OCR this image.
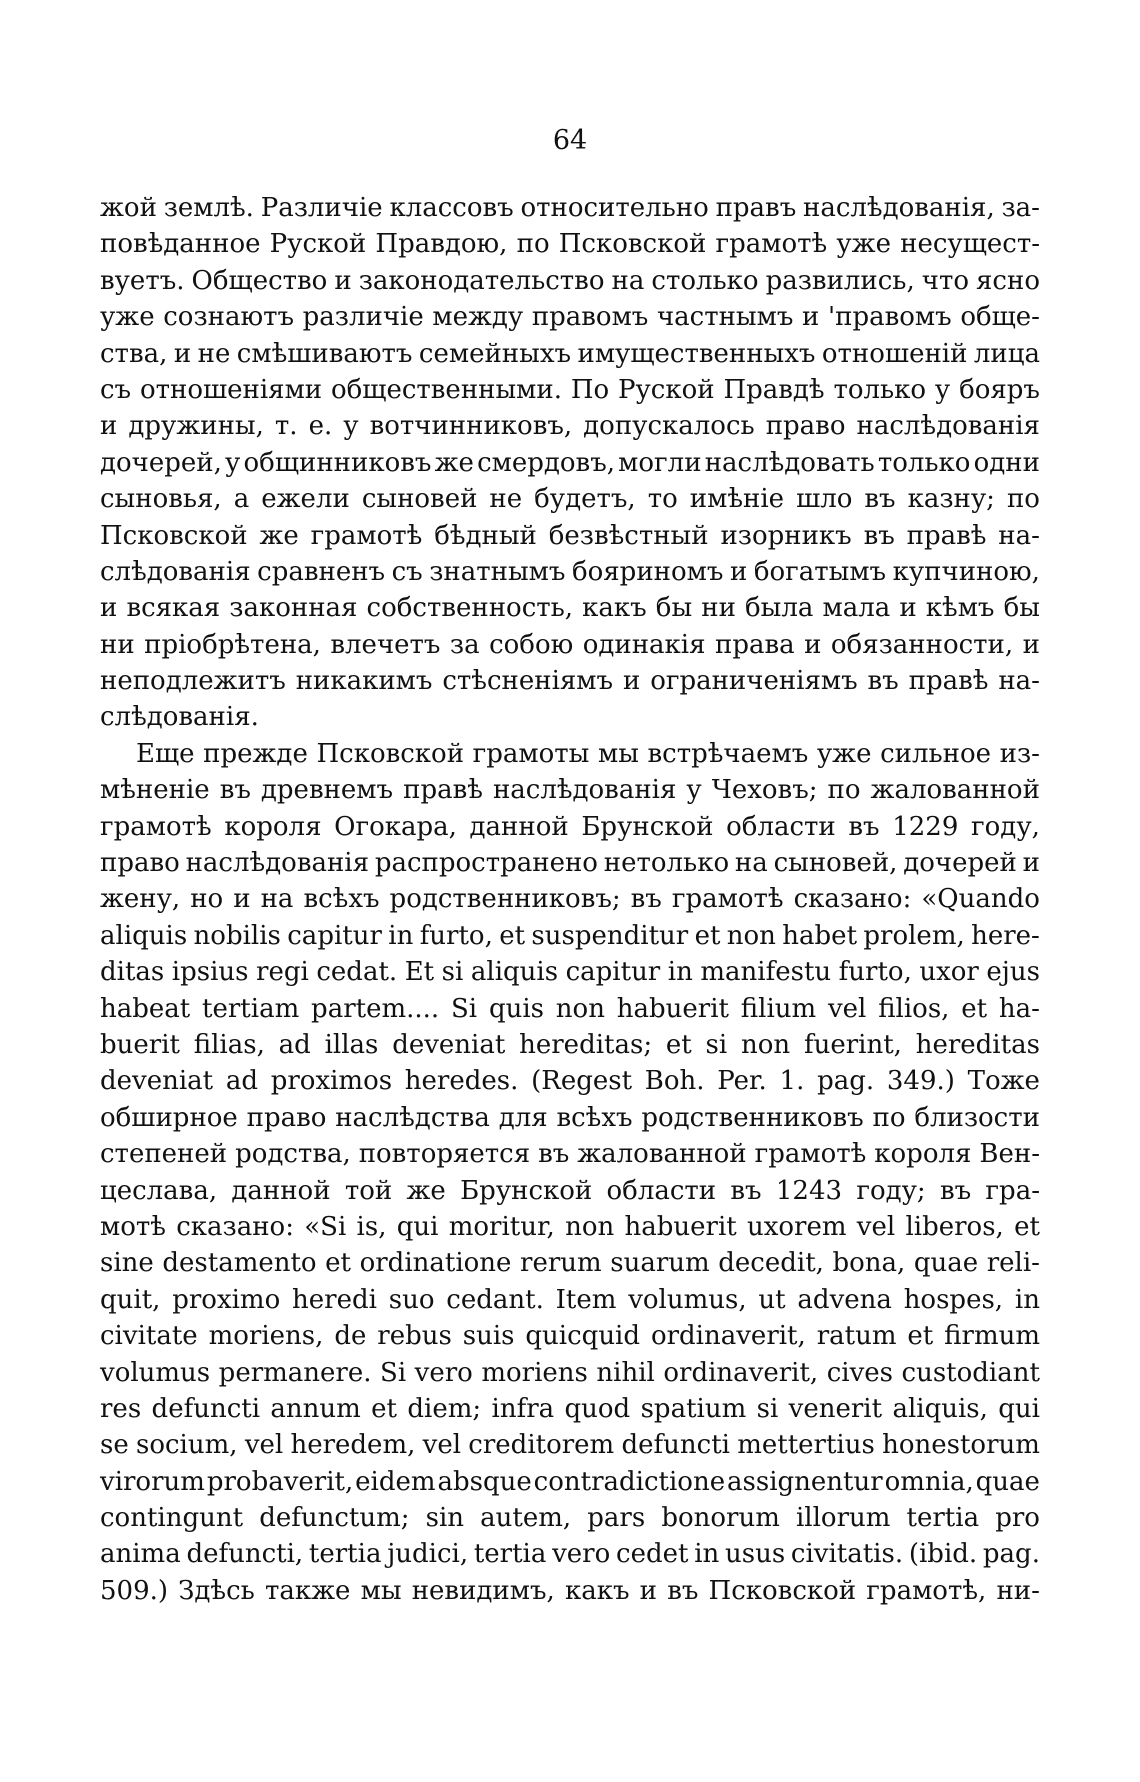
64
жой землѣ. Различіе классовъ относительно правъ наслѣдованія, за-
повѣданное Руской Правдою, по Псковской грамотѣ уже несущест-
вуетъ. Общество и законодательство на столько развились, что ясно
уже сознаютъ различіе между правомъ частнымъ и 'правомъ обще-
ства, и не смѣшиваютъ семейныхъ имущественныхъ отношеній лица
съ отношеніями общественными. По Руской Правдѣ только у бояръ
и дружины, т. е. у вотчинниковъ, допускалось право наслѣдованія
дочерей, у общинниковъ же смердовъ, могли наслѣдовать только одни
сыновья, а ежели сыновей не будетъ, то имѣніе шло въ казну; по
Псковской же грамотѣ бѣдный безвѣстный изорникъ въ правѣ на-
слѣдованія сравненъ съ знатнымъ бояриномъ и богатымъ купчиною,
и всякая законная собственность, какъ бы ни была мала и кѣмъ бы
ни пріобрѣтена, влечетъ за собою одинакія права и обязанности, и
неподлежитъ никакимъ стѣсненіямъ и ограниченіямъ въ правѣ на-
слѣдованія.
Еще прежде Псковской грамоты мы встрѣчаемъ уже сильное из-
мѣненіе въ древнемъ правѣ наслѣдованія у Чеховъ; по жалованной
грамотѣ короля Огокара, данной Брунской области въ 1229 году,
право наслѣдованія распространено нетолько на сыновей, дочерей и
жену, но и на всѣхъ родственниковъ; въ грамотѣ сказано: «Quando
aliquis nobilis capitur in furto, et suspenditur et non habet prolem, here-
ditas ipsius regi cedat. Et si aliquis capitur in manifestu furto, uxor ejus
habeat tertiam partem.... Si quis non habuerit filium vel filios, et ha-
buerit filias, ad illas deveniat hereditas; et si non fuerint, hereditas
deveniat ad proximos heredes. (Regest Boh. Per. 1. pag. 349.) Тоже
обширное право наслѣдства для всѣхъ родственниковъ по близости
степеней родства, повторяется въ жалованной грамотѣ короля Вен-
цеслава, данной той же Брунской области въ 1243 году; въ гра-
мотѣ сказано: «Si is, qui moritur, non habuerit uxorem vel liberos, et
sine destamento et ordinatione rerum suarum decedit, bona, quae reli-
quit, proximo heredi suo cedant. Item volumus, ut advena hospes, in
civitate moriens, de rebus suis quicquid ordinaverit, ratum et firmum
volumus permanere. Si vero moriens nihil ordinaverit, cives custodiant
res defuncti annum et diem; infra quod spatium si venerit aliquis, qui
se socium, vel heredem, vel creditorem defuncti mettertius honestorum
virorum probaverit, eidem absque contradictione assignentur omnia, quae
contingunt defunctum; sin autem, pars bonorum illorum tertia pro
anima defuncti, tertia judici, tertia vero cedet in usus civitatis. (ibid. pag.
509.) Здѣсь также мы невидимъ, какъ и въ Псковской грамотѣ, ни-
